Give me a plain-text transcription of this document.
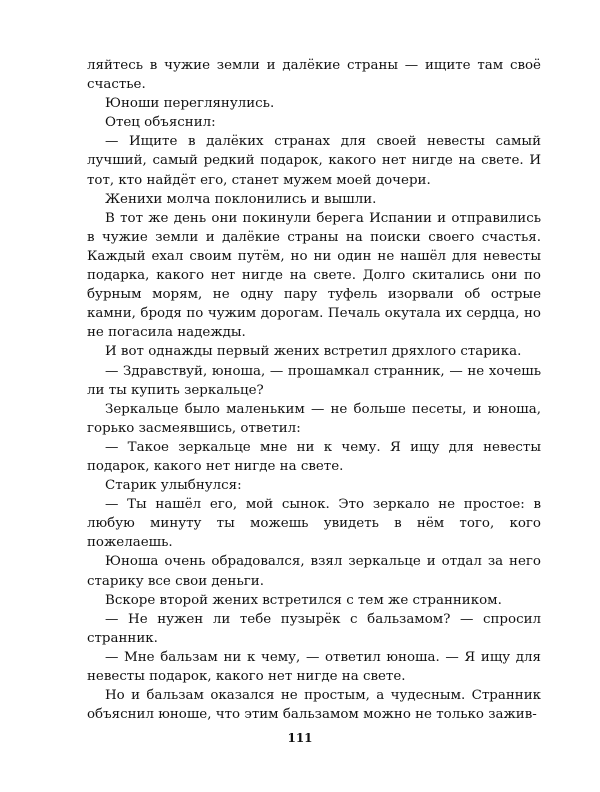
ляйтесь в чужие земли и далёкие страны — ищите там своё счастье.

Юноши переглянулись.

Отец объяснил:

— Ищите в далёких странах для своей невесты самый лучший, самый редкий подарок, какого нет нигде на свете. И тот, кто найдёт его, станет мужем моей дочери.

Женихи молча поклонились и вышли.

В тот же день они покинули берега Испании и отправились в чужие земли и далёкие страны на поиски своего счастья. Каждый ехал своим путём, но ни один не нашёл для невесты подарка, какого нет нигде на свете. Долго скитались они по бурным морям, не одну пару туфель изорвали об острые камни, бродя по чужим дорогам. Печаль окутала их сердца, но не погасила надежды.

И вот однажды первый жених встретил дряхлого старика.

— Здравствуй, юноша, — прошамкал странник, — не хочешь ли ты купить зеркальце?

Зеркальце было маленьким — не больше песеты, и юноша, горько засмеявшись, ответил:

— Такое зеркальце мне ни к чему. Я ищу для невесты подарок, какого нет нигде на свете.

Старик улыбнулся:

— Ты нашёл его, мой сынок. Это зеркало не простое: в любую минуту ты можешь увидеть в нём того, кого пожелаешь.

Юноша очень обрадовался, взял зеркальце и отдал за него старику все свои деньги.

Вскоре второй жених встретился с тем же странником.

— Не нужен ли тебе пузырёк с бальзамом? — спросил странник.

— Мне бальзам ни к чему, — ответил юноша. — Я ищу для невесты подарок, какого нет нигде на свете.

Но и бальзам оказался не простым, а чудесным. Странник объяснил юноше, что этим бальзамом можно не только зажив-

111
